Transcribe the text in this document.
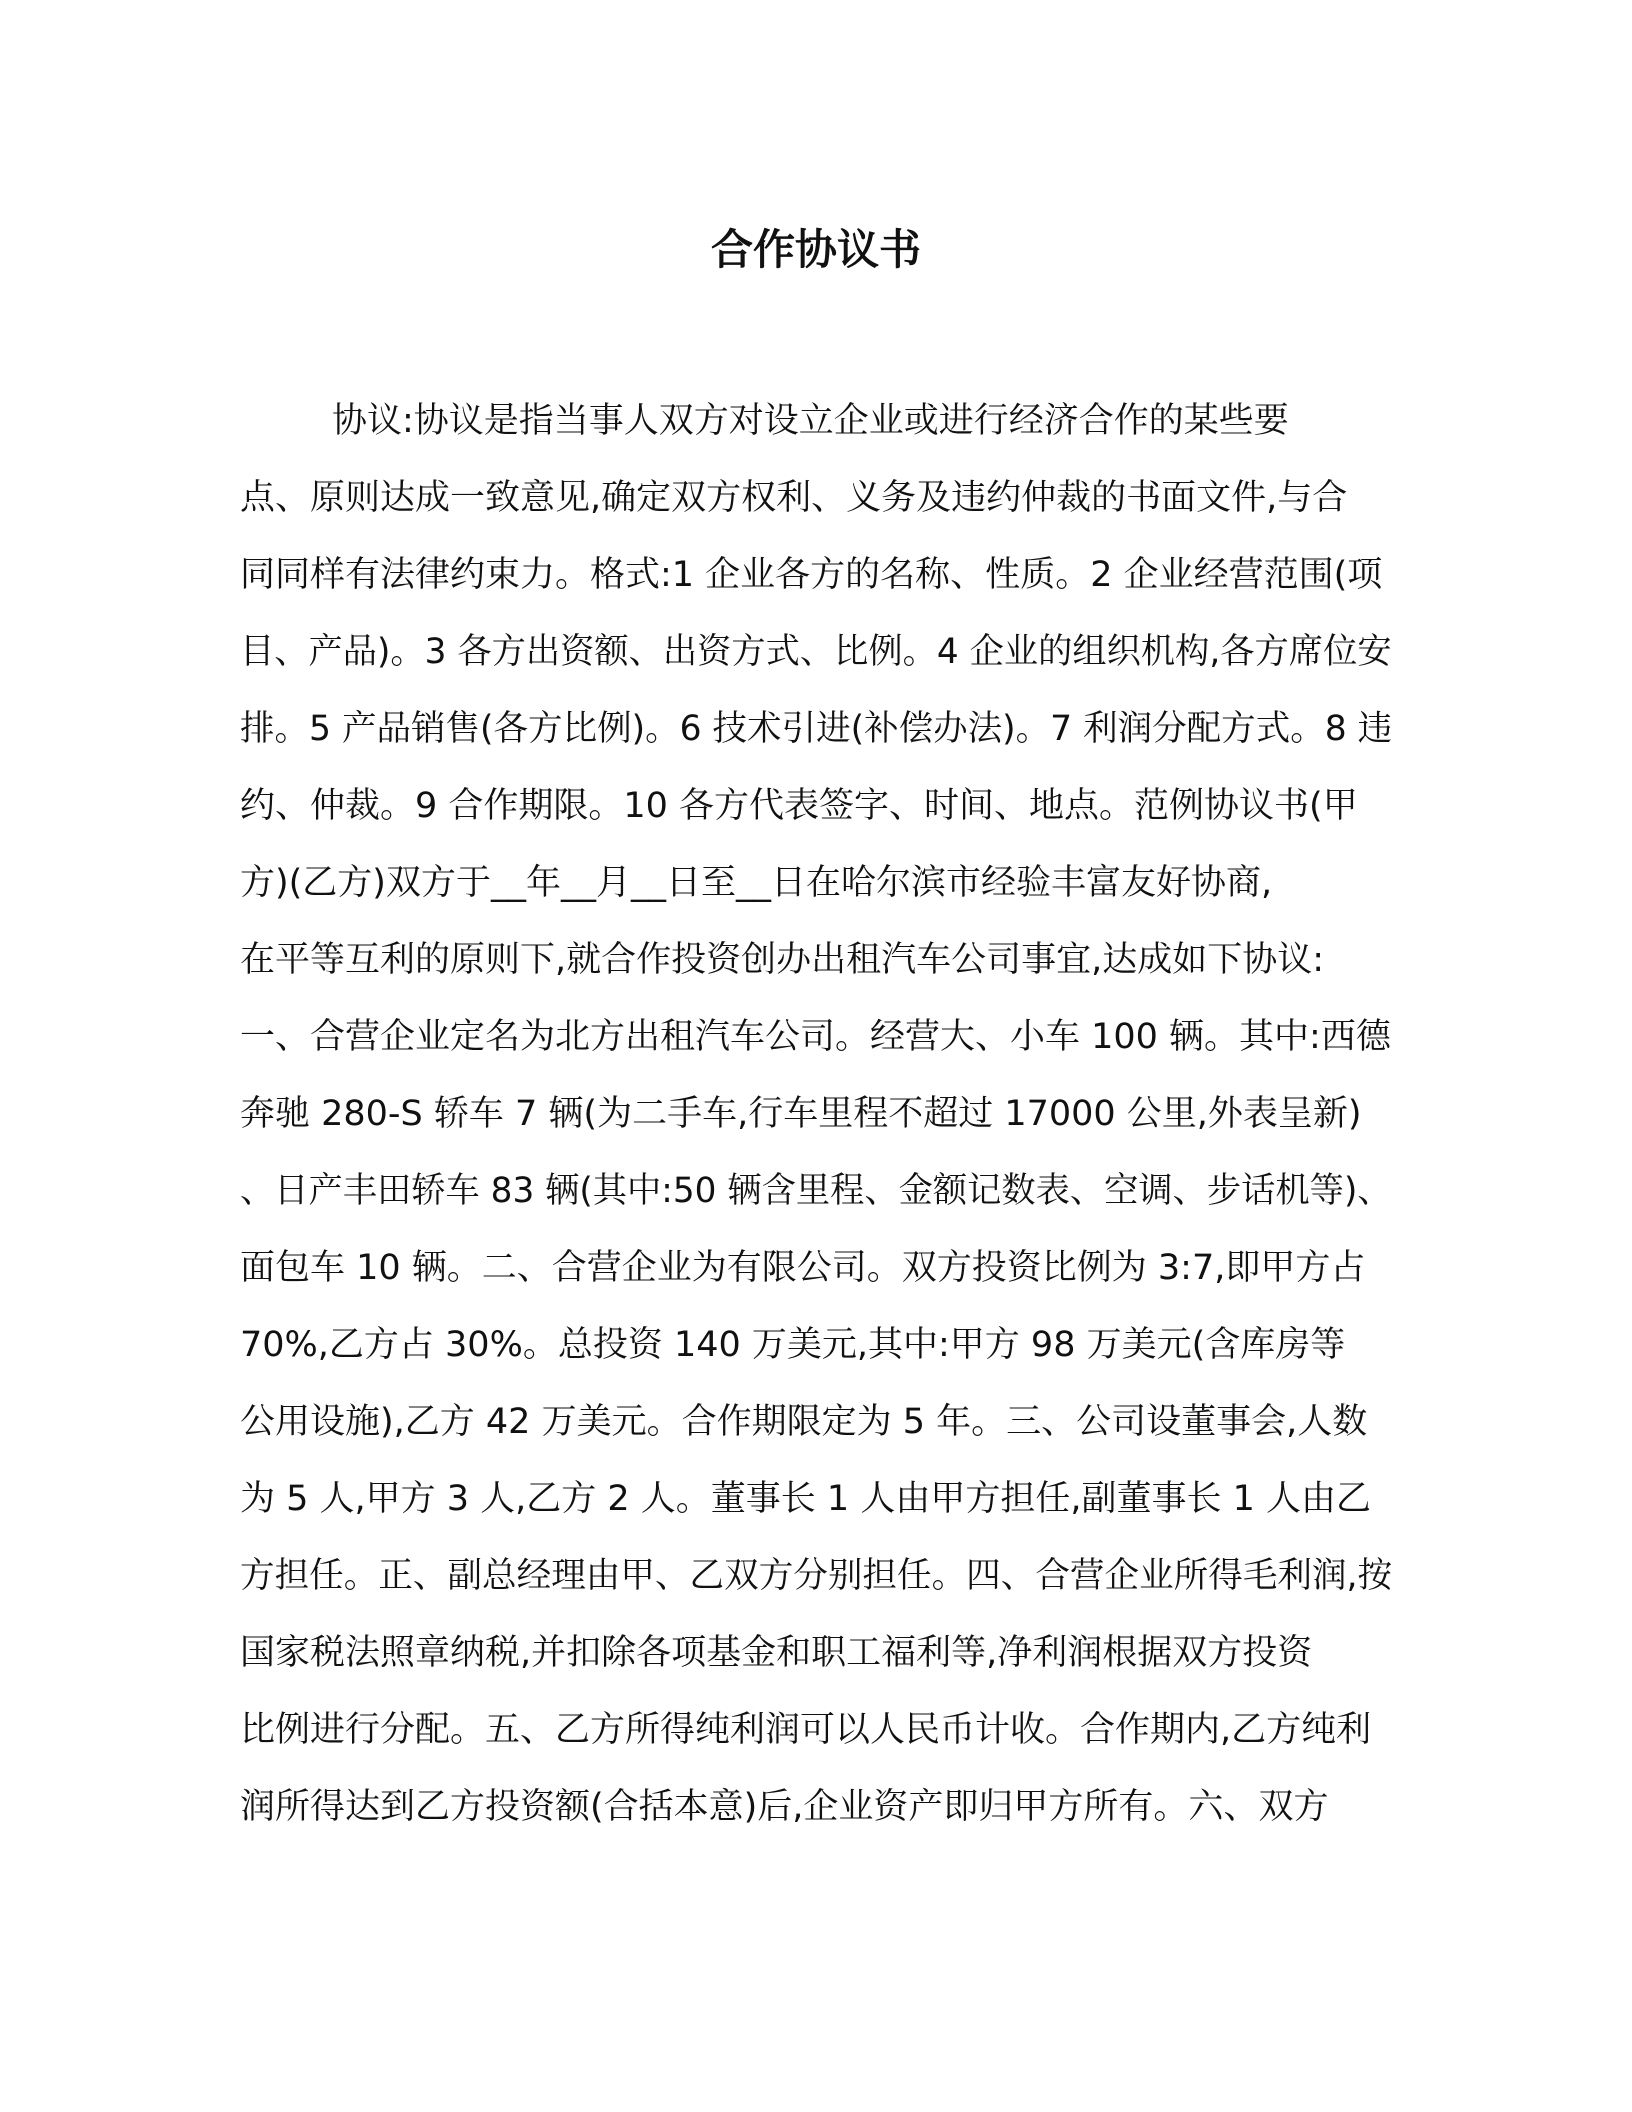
合作协议书

协议:协议是指当事人双方对设立企业或进行经济合作的某些要

点、原则达成一致意见,确定双方权利、义务及违约仲裁的书面文件,与合

同同样有法律约束力。格式:1 企业各方的名称、性质。2 企业经营范围(项

目、产品)。3 各方出资额、出资方式、比例。4 企业的组织机构,各方席位安

排。5 产品销售(各方比例)。6 技术引进(补偿办法)。7 利润分配方式。8 违

约、仲裁。9 合作期限。10 各方代表签字、时间、地点。范例协议书(甲

方)(乙方)双方于__年__月__日至__日在哈尔滨市经验丰富友好协商,

在平等互利的原则下,就合作投资创办出租汽车公司事宜,达成如下协议:

一、合营企业定名为北方出租汽车公司。经营大、小车 100 辆。其中:西德

奔驰 280-S 轿车 7 辆(为二手车,行车里程不超过 17000 公里,外表呈新)

、日产丰田轿车 83 辆(其中:50 辆含里程、金额记数表、空调、步话机等)、

面包车 10 辆。二、合营企业为有限公司。双方投资比例为 3:7,即甲方占

70%,乙方占 30%。总投资 140 万美元,其中:甲方 98 万美元(含库房等

公用设施),乙方 42 万美元。合作期限定为 5 年。三、公司设董事会,人数

为 5 人,甲方 3 人,乙方 2 人。董事长 1 人由甲方担任,副董事长 1 人由乙

方担任。正、副总经理由甲、乙双方分别担任。四、合营企业所得毛利润,按

国家税法照章纳税,并扣除各项基金和职工福利等,净利润根据双方投资

比例进行分配。五、乙方所得纯利润可以人民币计收。合作期内,乙方纯利

润所得达到乙方投资额(合括本意)后,企业资产即归甲方所有。六、双方
